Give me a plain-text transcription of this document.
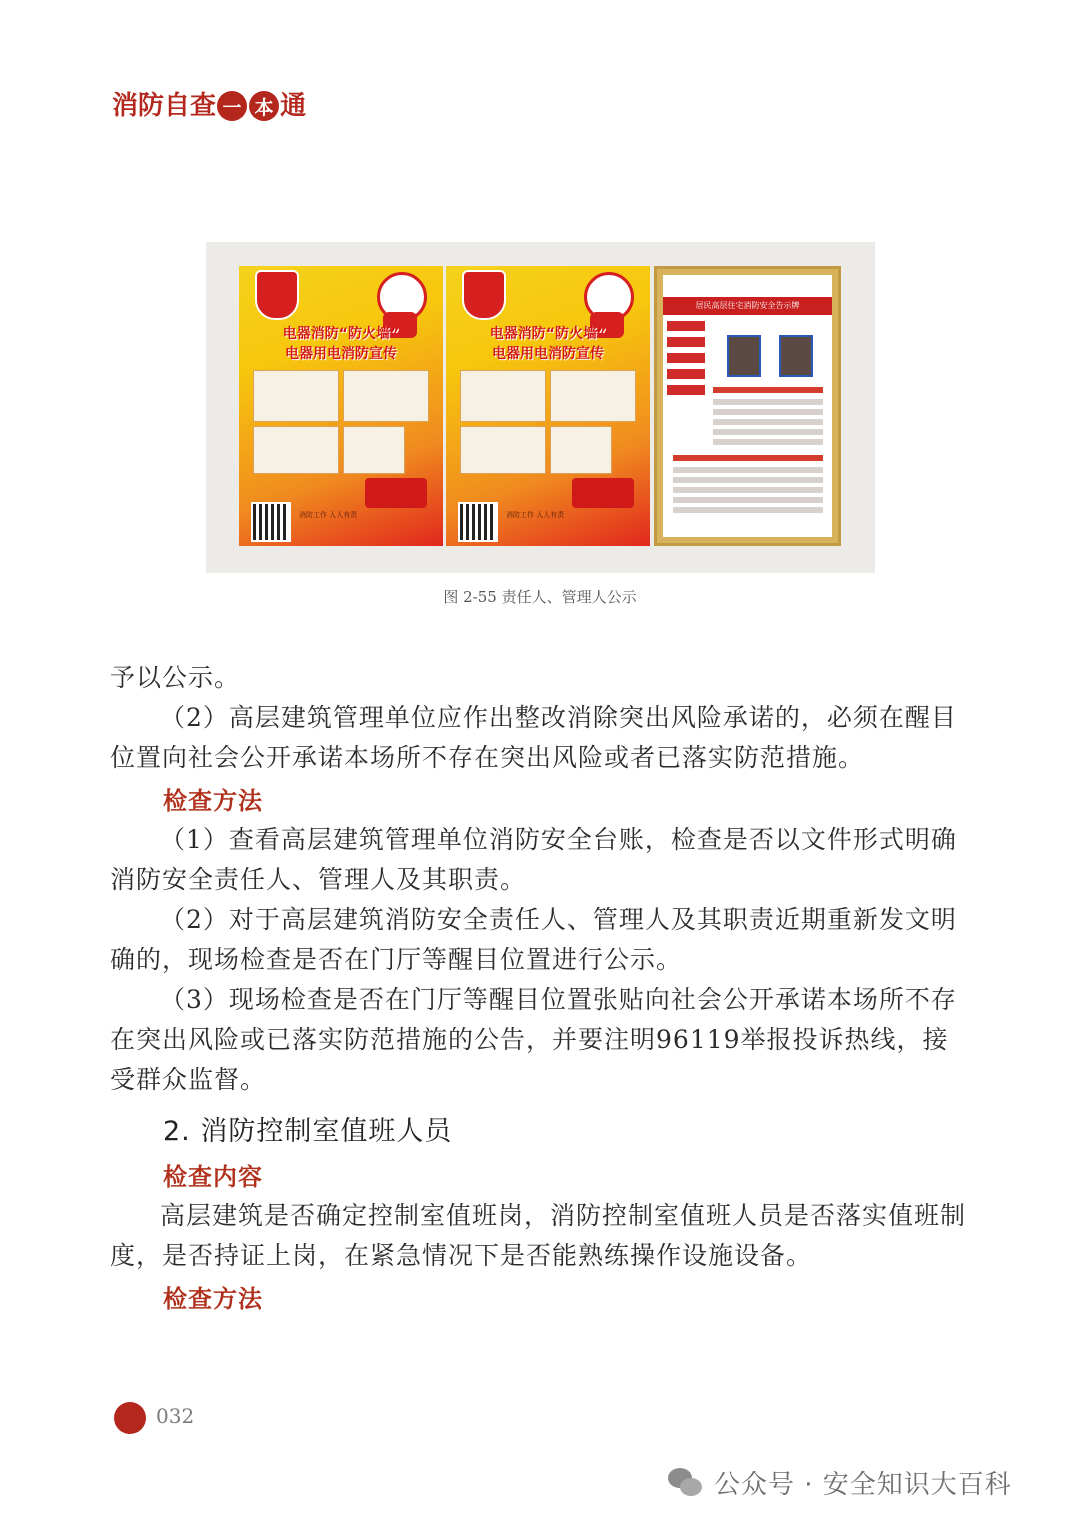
消 防 自 查 一 本 通
电器消防“防火墙”
电器用电消防宣传
消防工作 人人有责
电器消防“防火墙”
电器用电消防宣传
消防工作 人人有责
居民高层住宅消防安全告示牌
图 2-55 责任人、管理人公示
予以公示。
（2）高层建筑管理单位应作出整改消除突出风险承诺的，必须在醒目位置向社会公开承诺本场所不存在突出风险或者已落实防范措施。
检查方法
（1）查看高层建筑管理单位消防安全台账，检查是否以文件形式明确消防安全责任人、管理人及其职责。
（2）对于高层建筑消防安全责任人、管理人及其职责近期重新发文明确的，现场检查是否在门厅等醒目位置进行公示。
（3）现场检查是否在门厅等醒目位置张贴向社会公开承诺本场所不存在突出风险或已落实防范措施的公告，并要注明96119举报投诉热线，接受群众监督。
2. 消防控制室值班人员
检查内容
高层建筑是否确定控制室值班岗，消防控制室值班人员是否落实值班制度，是否持证上岗，在紧急情况下是否能熟练操作设施设备。
检查方法
032
公众号 · 安全知识大百科
